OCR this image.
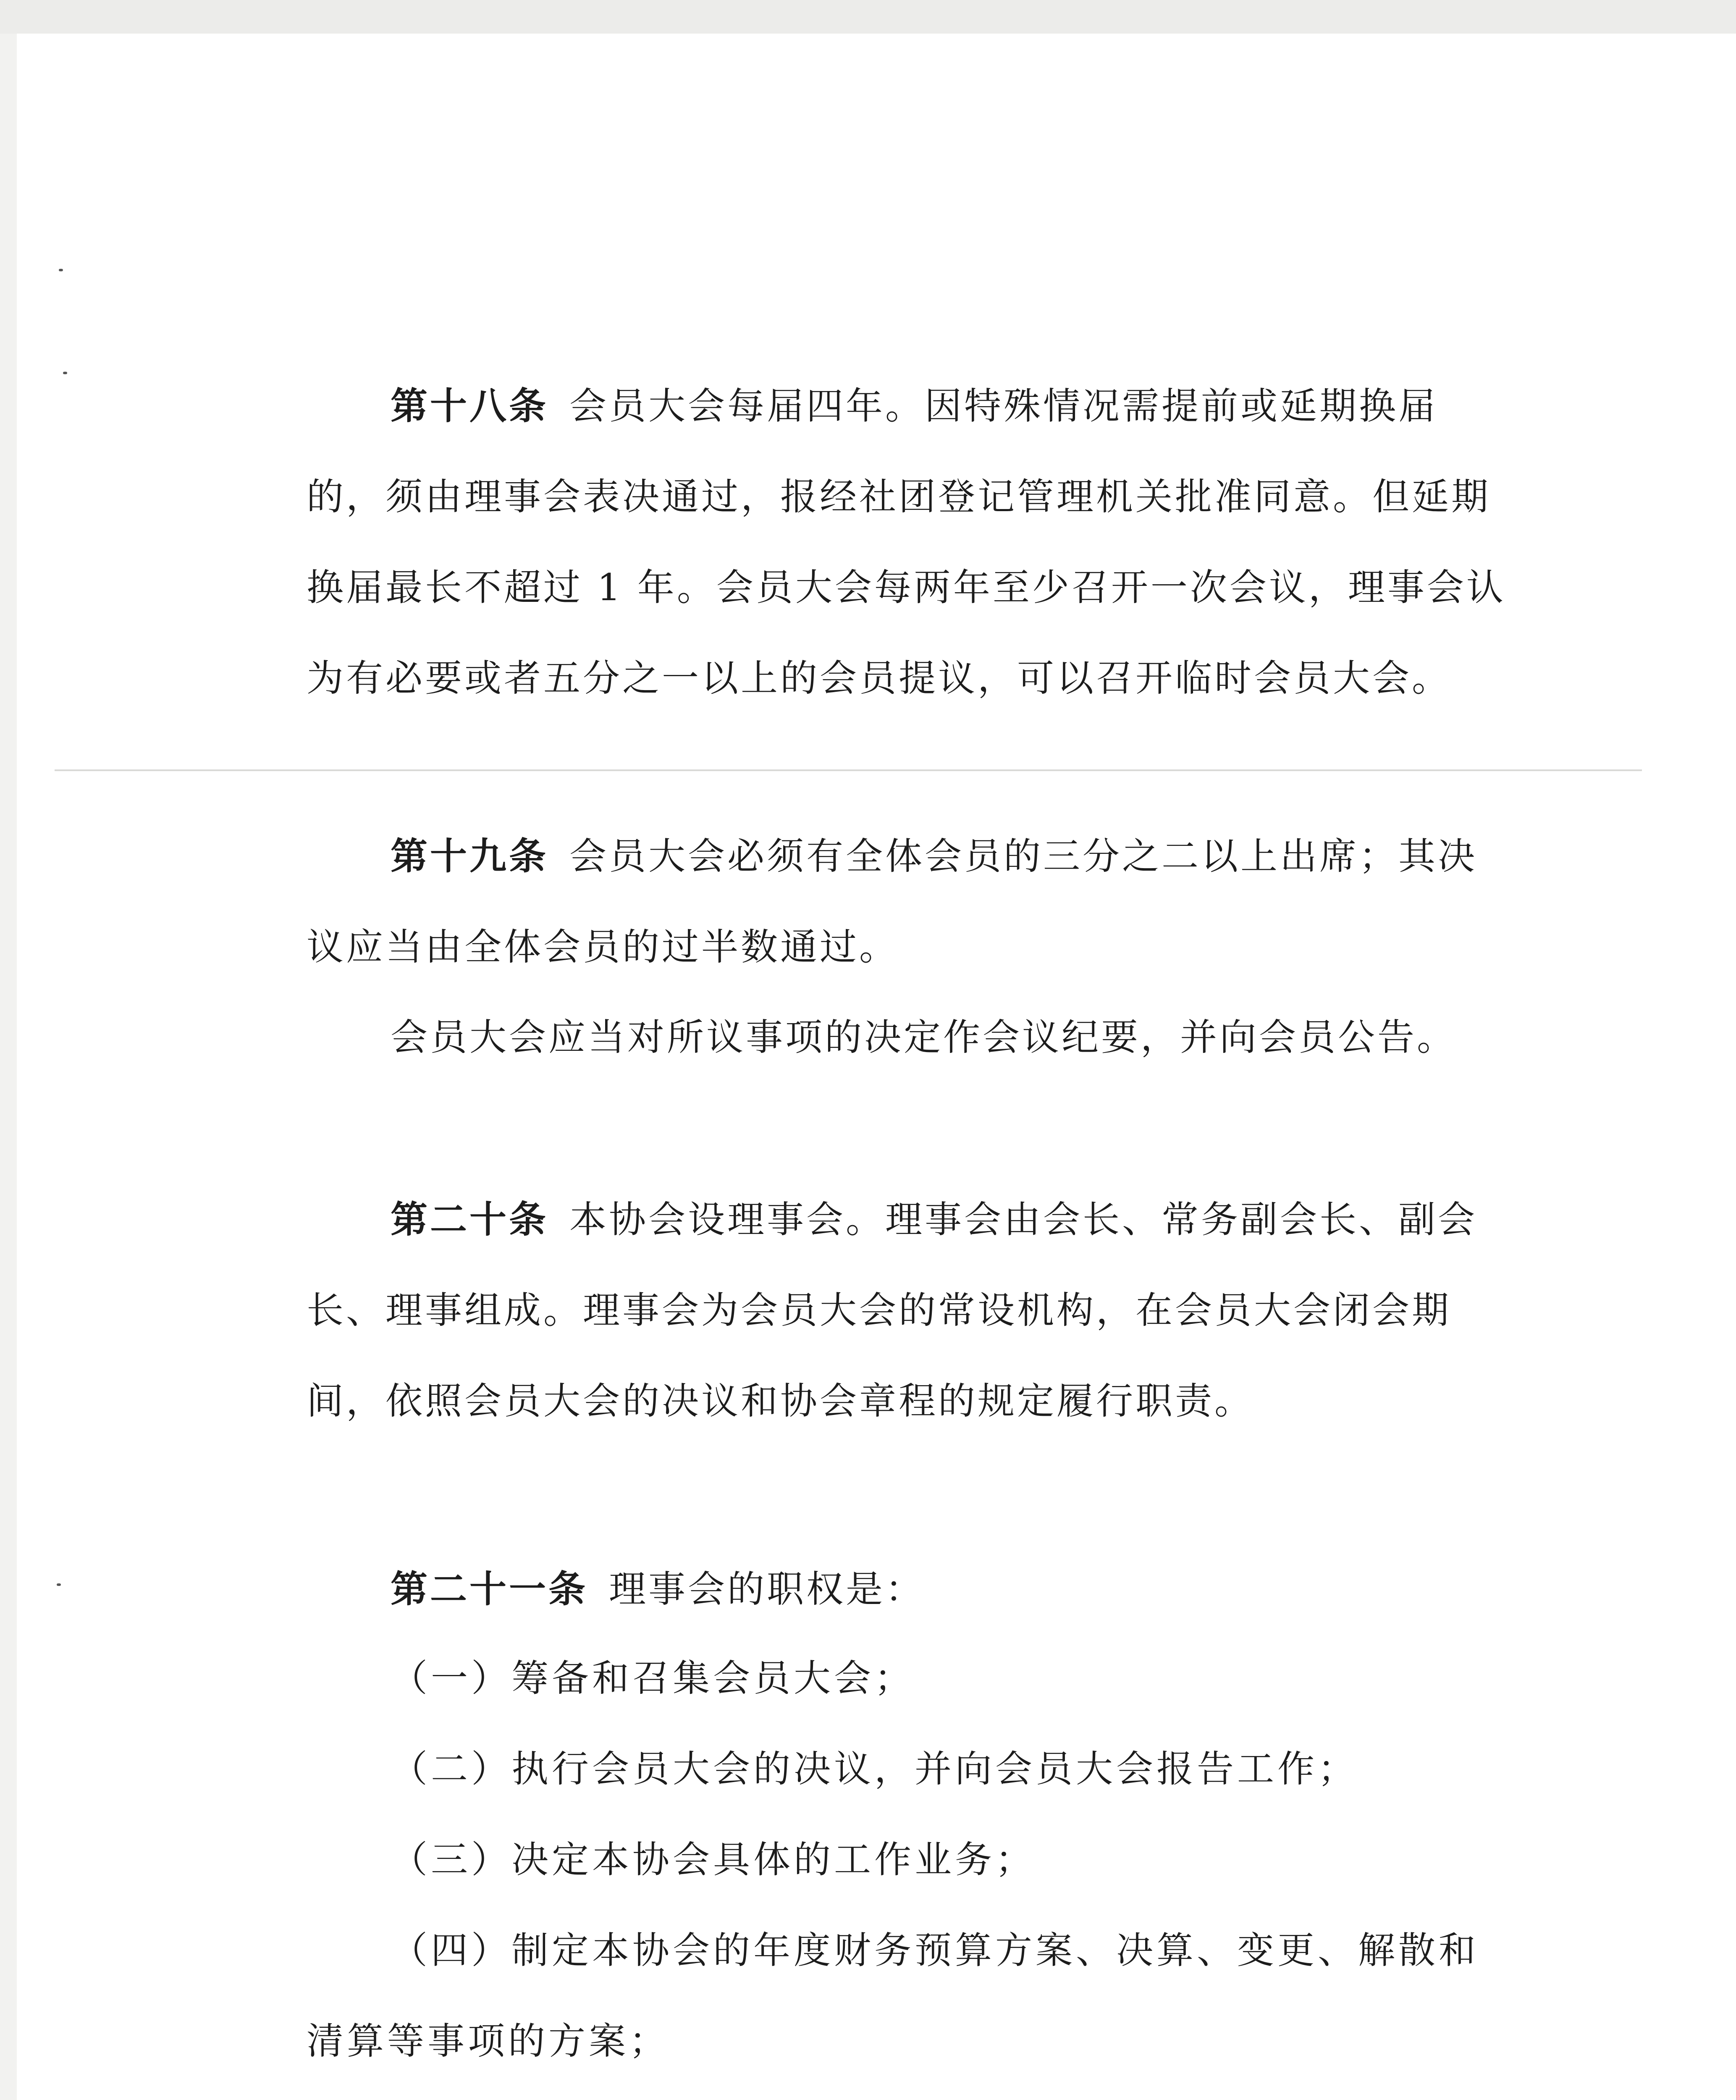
第十八条 会员大会每届四年。因特殊情况需提前或延期换届的，须由理事会表决通过，报经社团登记管理机关批准同意。但延期换届最长不超过 1 年。会员大会每两年至少召开一次会议，理事会认为有必要或者五分之一以上的会员提议，可以召开临时会员大会。

第十九条 会员大会必须有全体会员的三分之二以上出席；其决议应当由全体会员的过半数通过。

会员大会应当对所议事项的决定作会议纪要，并向会员公告。

第二十条 本协会设理事会。理事会由会长、常务副会长、副会长、理事组成。理事会为会员大会的常设机构，在会员大会闭会期间，依照会员大会的决议和协会章程的规定履行职责。

第二十一条 理事会的职权是：

（一）筹备和召集会员大会；

（二）执行会员大会的决议，并向会员大会报告工作；

（三）决定本协会具体的工作业务；

（四）制定本协会的年度财务预算方案、决算、变更、解散和清算等事项的方案；
